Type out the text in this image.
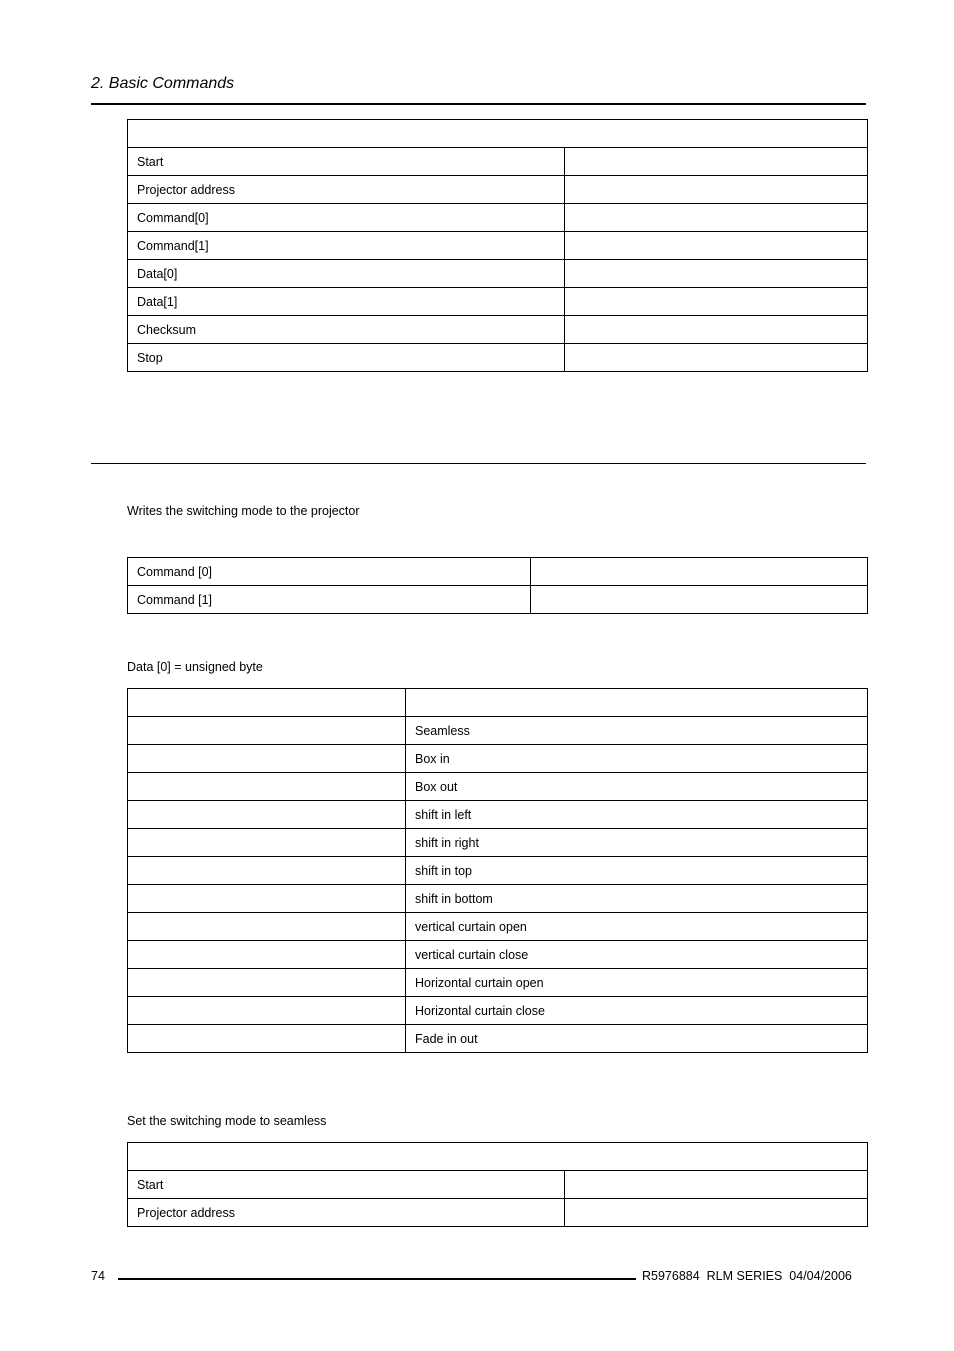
2. Basic Commands

Start	
Projector address	
Command[0]	
Command[1]	
Data[0]	
Data[1]	
Checksum	
Stop	
Writes the switching mode to the projector
Command [0]	
Command [1]	
Data [0] = unsigned byte

	Seamless
	Box in
	Box out
	shift in left
	shift in right
	shift in top
	shift in bottom
	vertical curtain open
	vertical curtain close
	Horizontal curtain open
	Horizontal curtain close
	Fade in out
Set the switching mode to seamless

Start	
Projector address	
74	R5976884  RLM SERIES  04/04/2006
